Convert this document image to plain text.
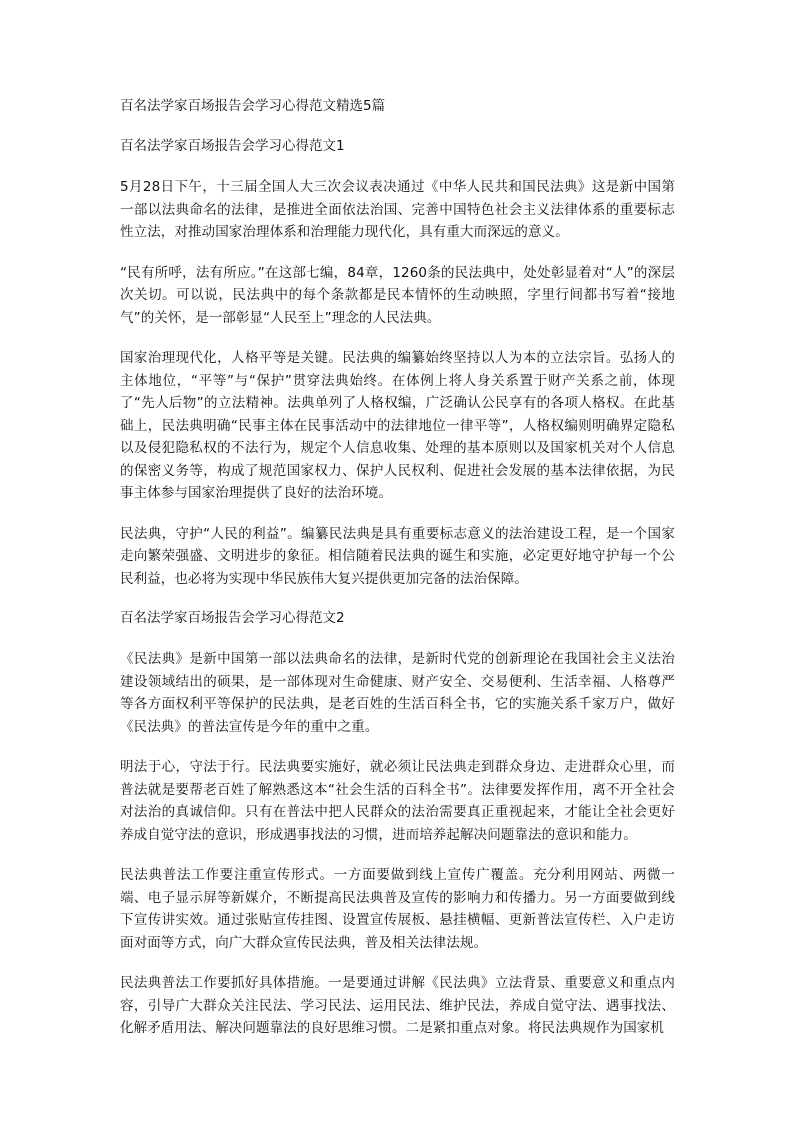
百名法学家百场报告会学习心得范文精选5篇

百名法学家百场报告会学习心得范文1

5月28日下午，十三届全国人大三次会议表决通过《中华人民共和国民法典》这是新中国第一部以法典命名的法律，是推进全面依法治国、完善中国特色社会主义法律体系的重要标志性立法，对推动国家治理体系和治理能力现代化，具有重大而深远的意义。

“民有所呼，法有所应。”在这部七编，84章，1260条的民法典中，处处彰显着对“人”的深层次关切。可以说，民法典中的每个条款都是民本情怀的生动映照，字里行间都书写着“接地气”的关怀，是一部彰显“人民至上”理念的人民法典。

国家治理现代化，人格平等是关键。民法典的编纂始终坚持以人为本的立法宗旨。弘扬人的主体地位，“平等”与“保护”贯穿法典始终。在体例上将人身关系置于财产关系之前，体现了“先人后物”的立法精神。法典单列了人格权编，广泛确认公民享有的各项人格权。在此基础上，民法典明确“民事主体在民事活动中的法律地位一律平等”，人格权编则明确界定隐私以及侵犯隐私权的不法行为，规定个人信息收集、处理的基本原则以及国家机关对个人信息的保密义务等，构成了规范国家权力、保护人民权利、促进社会发展的基本法律依据，为民事主体参与国家治理提供了良好的法治环境。

民法典，守护“人民的利益”。编纂民法典是具有重要标志意义的法治建设工程，是一个国家走向繁荣强盛、文明进步的象征。相信随着民法典的诞生和实施，必定更好地守护每一个公民利益，也必将为实现中华民族伟大复兴提供更加完备的法治保障。

百名法学家百场报告会学习心得范文2

《民法典》是新中国第一部以法典命名的法律，是新时代党的创新理论在我国社会主义法治建设领域结出的硕果，是一部体现对生命健康、财产安全、交易便利、生活幸福、人格尊严等各方面权利平等保护的民法典，是老百姓的生活百科全书，它的实施关系千家万户，做好《民法典》的普法宣传是今年的重中之重。

明法于心，守法于行。民法典要实施好，就必须让民法典走到群众身边、走进群众心里，而普法就是要帮老百姓了解熟悉这本“社会生活的百科全书”。法律要发挥作用，离不开全社会对法治的真诚信仰。只有在普法中把人民群众的法治需要真正重视起来，才能让全社会更好养成自觉守法的意识，形成遇事找法的习惯，进而培养起解决问题靠法的意识和能力。

民法典普法工作要注重宣传形式。一方面要做到线上宣传广覆盖。充分利用网站、两微一端、电子显示屏等新媒介，不断提高民法典普及宣传的影响力和传播力。另一方面要做到线下宣传讲实效。通过张贴宣传挂图、设置宣传展板、悬挂横幅、更新普法宣传栏、入户走访面对面等方式，向广大群众宣传民法典，普及相关法律法规。

民法典普法工作要抓好具体措施。一是要通过讲解《民法典》立法背景、重要意义和重点内容，引导广大群众关注民法、学习民法、运用民法、维护民法，养成自觉守法、遇事找法、化解矛盾用法、解决问题靠法的良好思维习惯。二是紧扣重点对象。将民法典规作为国家机
